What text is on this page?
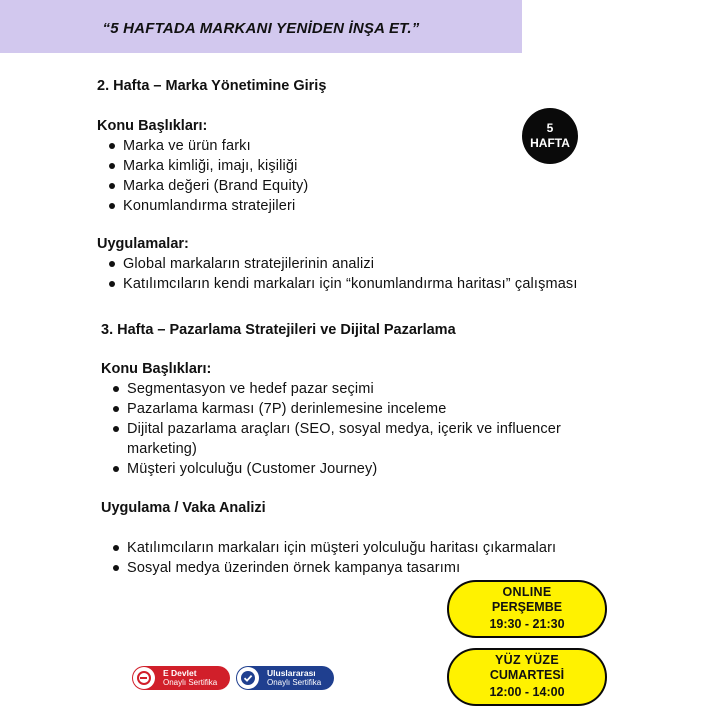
“5 HAFTADA MARKANI YENİDEN İNŞA ET.”
5
HAFTA
2. Hafta – Marka Yönetimine Giriş
Konu Başlıkları:
Marka ve ürün farkı
Marka kimliği, imajı, kişiliği
Marka değeri (Brand Equity)
Konumlandırma stratejileri
Uygulamalar:
Global markaların stratejilerinin analizi
Katılımcıların kendi markaları için “konumlandırma haritası” çalışması
3. Hafta – Pazarlama Stratejileri ve Dijital Pazarlama
Konu Başlıkları:
Segmentasyon ve hedef pazar seçimi
Pazarlama karması (7P) derinlemesine inceleme
Dijital pazarlama araçları (SEO, sosyal medya, içerik ve influencer marketing)
Müşteri yolculuğu (Customer Journey)
Uygulama / Vaka Analizi
Katılımcıların markaları için müşteri yolculuğu haritası çıkarmaları
Sosyal medya üzerinden örnek kampanya tasarımı
ONLINE
PERŞEMBE
19:30 - 21:30
YÜZ YÜZE
CUMARTESİ
12:00 - 14:00
E Devlet
Onaylı Sertifika
Uluslararası
Onaylı Sertifika
